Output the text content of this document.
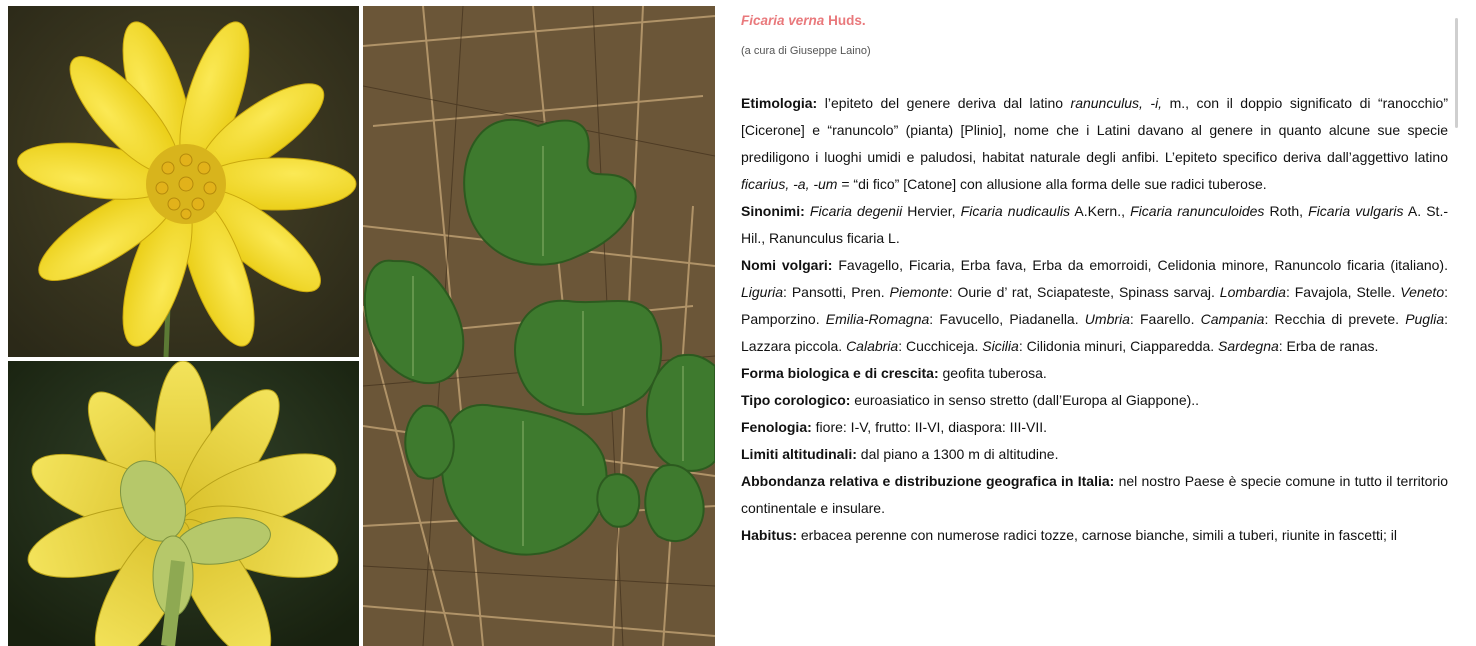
Ficaria verna Huds.
(a cura di Giuseppe Laino)

Etimologia: l’epiteto del genere deriva dal latino ranunculus, -i, m., con il doppio significato di “ranocchio” [Cicerone] e “ranuncolo” (pianta) [Plinio], nome che i Latini davano al genere in quanto alcune sue specie prediligono i luoghi umidi e paludosi, habitat naturale degli anfibi. L’epiteto specifico deriva dall’aggettivo latino ficarius, -a, -um = “di fico” [Catone] con allusione alla forma delle sue radici tuberose.

Sinonimi: Ficaria degenii Hervier, Ficaria nudicaulis A.Kern., Ficaria ranunculoides Roth, Ficaria vulgaris A. St.-Hil., Ranunculus ficaria L.

Nomi volgari: Favagello, Ficaria, Erba fava, Erba da emorroidi, Celidonia minore, Ranuncolo ficaria (italiano). Liguria: Pansotti, Pren. Piemonte: Ourie d’ rat, Sciapateste, Spinass sarvaj. Lombardia: Favajola, Stelle. Veneto: Pamporzino. Emilia-Romagna: Favucello, Piadanella. Umbria: Faarello. Campania: Recchia di prevete. Puglia: Lazzara piccola. Calabria: Cucchiceja. Sicilia: Cilidonia minuri, Ciapparedda. Sardegna: Erba de ranas.

Forma biologica e di crescita: geofita tuberosa.

Tipo corologico: euroasiatico in senso stretto (dall’Europa al Giappone)..

Fenologia: fiore: I-V, frutto: II-VI, diaspora: III-VII.

Limiti altitudinali: dal piano a 1300 m di altitudine.

Abbondanza relativa e distribuzione geografica in Italia: nel nostro Paese è specie comune in tutto il territorio continentale e insulare.

Habitus: erbacea perenne con numerose radici tozze, carnose bianche, simili a tuberi, riunite in fascetti; il
